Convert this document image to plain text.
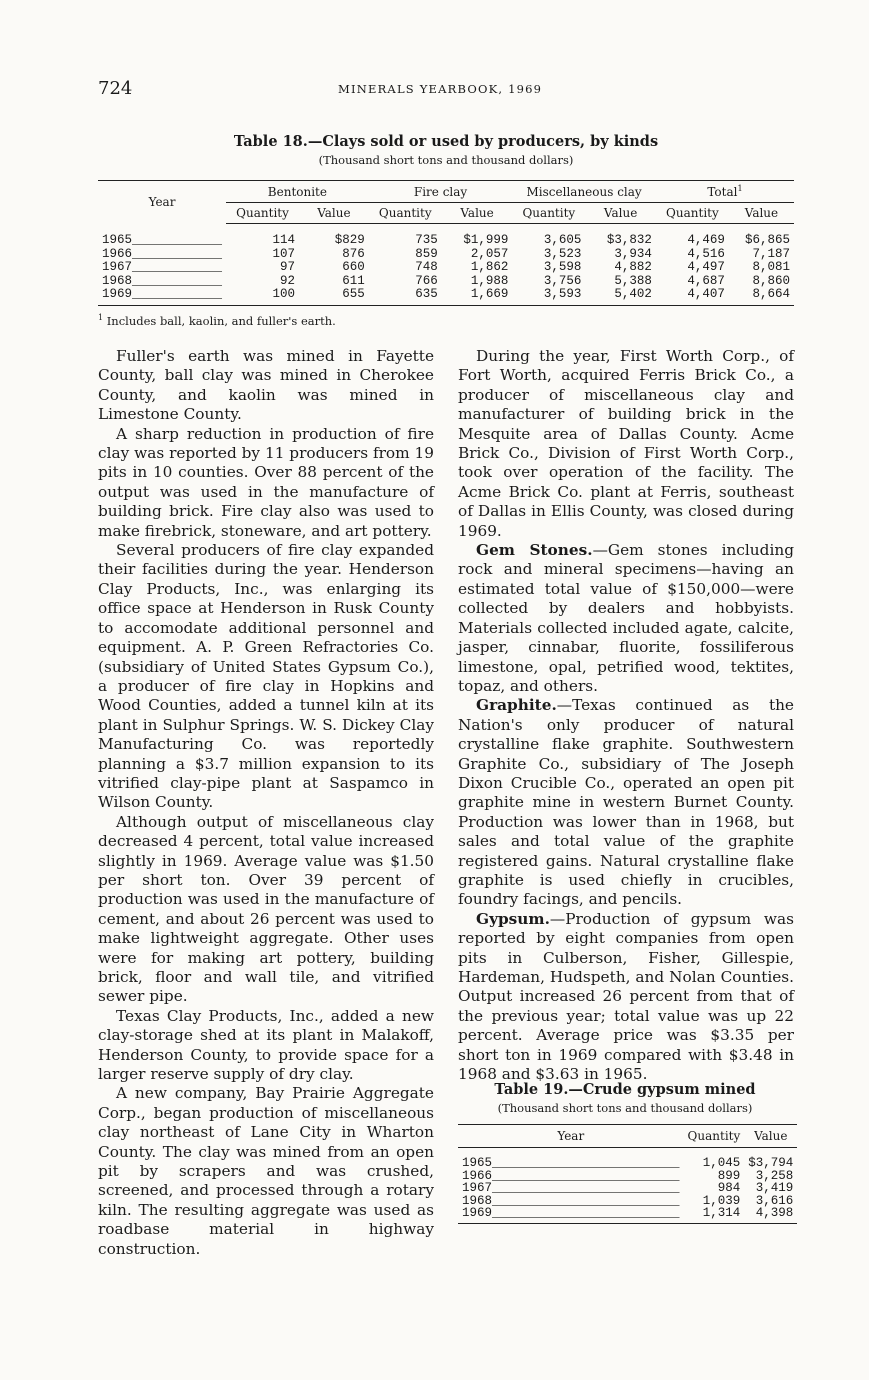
724	MINERALS YEARBOOK, 1969
Table 18.—Clays sold or used by producers, by kinds
(Thousand short tons and thousand dollars)
Year	Bentonite		Fire clay		Miscellaneous clay		Total$^1$
	Quantity	Value	Quantity	Value	Quantity	Value	Quantity	Value
1965____________	114	$829	735	$1,999	3,605	$3,832	4,469	$6,865
1966____________	107	876	859	2,057	3,523	3,934	4,516	7,187
1967____________	97	660	748	1,862	3,598	4,882	4,497	8,081
1968____________	92	611	766	1,988	3,756	5,388	4,687	8,860
1969____________	100	655	635	1,669	3,593	5,402	4,407	8,664
$^1$ Includes ball, kaolin, and fuller's earth.

Fuller's earth was mined in Fayette County, ball clay was mined in Cherokee County, and kaolin was mined in Limestone County.

A sharp reduction in production of fire clay was reported by 11 producers from 19 pits in 10 counties. Over 88 percent of the output was used in the manufacture of building brick. Fire clay also was used to make firebrick, stoneware, and art pottery.

Several producers of fire clay expanded their facilities during the year. Henderson Clay Products, Inc., was enlarging its office space at Henderson in Rusk County to accomodate additional personnel and equipment. A. P. Green Refractories Co. (subsidiary of United States Gypsum Co.), a producer of fire clay in Hopkins and Wood Counties, added a tunnel kiln at its plant in Sulphur Springs. W. S. Dickey Clay Manufacturing Co. was reportedly planning a $3.7 million expansion to its vitrified clay-pipe plant at Saspamco in Wilson County.

Although output of miscellaneous clay decreased 4 percent, total value increased slightly in 1969. Average value was $1.50 per short ton. Over 39 percent of production was used in the manufacture of cement, and about 26 percent was used to make lightweight aggregate. Other uses were for making art pottery, building brick, floor and wall tile, and vitrified sewer pipe.

Texas Clay Products, Inc., added a new clay-storage shed at its plant in Malakoff, Henderson County, to provide space for a larger reserve supply of dry clay.

A new company, Bay Prairie Aggregate Corp., began production of miscellaneous clay northeast of Lane City in Wharton County. The clay was mined from an open pit by scrapers and was crushed, screened, and processed through a rotary kiln. The resulting aggregate was used as roadbase material in highway construction.

During the year, First Worth Corp., of Fort Worth, acquired Ferris Brick Co., a producer of miscellaneous clay and manufacturer of building brick in the Mesquite area of Dallas County. Acme Brick Co., Division of First Worth Corp., took over operation of the facility. The Acme Brick Co. plant at Ferris, southeast of Dallas in Ellis County, was closed during 1969.

Gem Stones.—Gem stones including rock and mineral specimens—having an estimated total value of $150,000—were collected by dealers and hobbyists. Materials collected included agate, calcite, jasper, cinnabar, fluorite, fossiliferous limestone, opal, petrified wood, tektites, topaz, and others.

Graphite.—Texas continued as the Nation's only producer of natural crystalline flake graphite. Southwestern Graphite Co., subsidiary of The Joseph Dixon Crucible Co., operated an open pit graphite mine in western Burnet County. Production was lower than in 1968, but sales and total value of the graphite registered gains. Natural crystalline flake graphite is used chiefly in crucibles, foundry facings, and pencils.

Gypsum.—Production of gypsum was reported by eight companies from open pits in Culberson, Fisher, Gillespie, Hardeman, Hudspeth, and Nolan Counties. Output increased 26 percent from that of the previous year; total value was up 22 percent. Average price was $3.35 per short ton in 1969 compared with $3.48 in 1968 and $3.63 in 1965.

Table 19.—Crude gypsum mined
(Thousand short tons and thousand dollars)
Year	Quantity	Value
1965_________________________	1,045	$3,794
1966_________________________	899	3,258
1967_________________________	984	3,419
1968_________________________	1,039	3,616
1969_________________________	1,314	4,398
